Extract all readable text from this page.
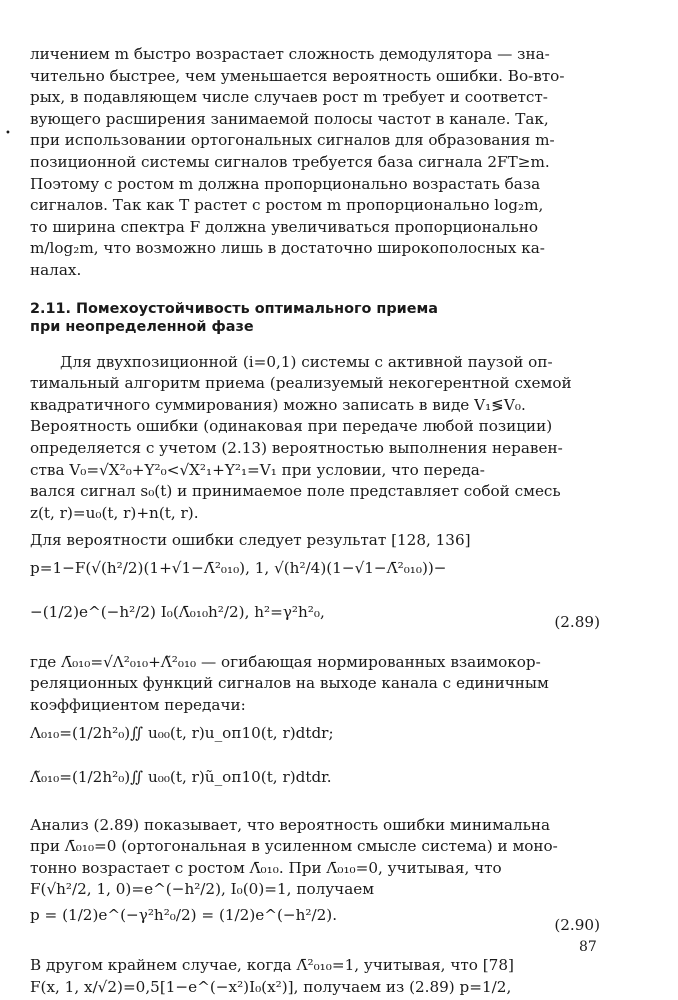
личением m быстро возрастает сложность демодулятора — зна-
чительно быстрее, чем уменьшается вероятность ошибки. Во-вто-
рых, в подавляющем числе случаев рост m требует и соответст-
вующего расширения занимаемой полосы частот в канале. Так,
при использовании ортогональных сигналов для образования m-
позиционной системы сигналов требуется база сигнала 2FT≥m.
Поэтому с ростом m должна пропорционально возрастать база
сигналов. Так как T растет с ростом m пропорционально log₂m,
то ширина спектра F должна увеличиваться пропорционально
m/log₂m, что возможно лишь в достаточно широкополосных ка-
налах.

2.11. Помехоустойчивость оптимального приема
при неопределенной фазе

Для двухпозиционной (i=0,1) системы с активной паузой оп-
тимальный алгоритм приема (реализуемый некогерентной схемой
квадратичного суммирования) можно записать в виде V₁≶V₀.
Вероятность ошибки (одинаковая при передаче любой позиции)
определяется с учетом (2.13) вероятностью выполнения неравен-
ства V₀=√X²₀+Y²₀<√X²₁+Y²₁=V₁ при условии, что переда-
вался сигнал s₀(t) и принимаемое поле представляет собой смесь
z(t, r)=u₀(t, r)+n(t, r).

Для вероятности ошибки следует результат [128, 136]

p=1−F(√(h²/2)(1+√1−Λ̄²₀₁₀), 1, √(h²/4)(1−√1−Λ̄²₀₁₀))−
−(1/2)e^(−h²/2) I₀(Λ̄₀₁₀h²/2), h²=γ²h²₀,
(2.89)

где Λ̄₀₁₀=√Λ²₀₁₀+Λ̃²₀₁₀ — огибающая нормированных взаимокор-
реляционных функций сигналов на выходе канала с единичным
коэффициентом передачи:

Λ₀₁₀=(1/2h²₀)∬ u₀₀(t, r)u_оп10(t, r)dtdr;
Λ̃₀₁₀=(1/2h²₀)∬ u₀₀(t, r)ũ_оп10(t, r)dtdr.

Анализ (2.89) показывает, что вероятность ошибки минимальна
при Λ̄₀₁₀=0 (ортогональная в усиленном смысле система) и моно-
тонно возрастает с ростом Λ̄₀₁₀. При Λ̄₀₁₀=0, учитывая, что
F(√h²/2, 1, 0)=e^(−h²/2), I₀(0)=1, получаем

p = (1/2)e^(−γ²h²₀/2) = (1/2)e^(−h²/2).
(2.90)

В другом крайнем случае, когда Λ̄²₀₁₀=1, учитывая, что [78]
F(x, 1, x/√2)=0,5[1−e^(−x²)I₀(x²)], получаем из (2.89) p=1/2,

•
87
